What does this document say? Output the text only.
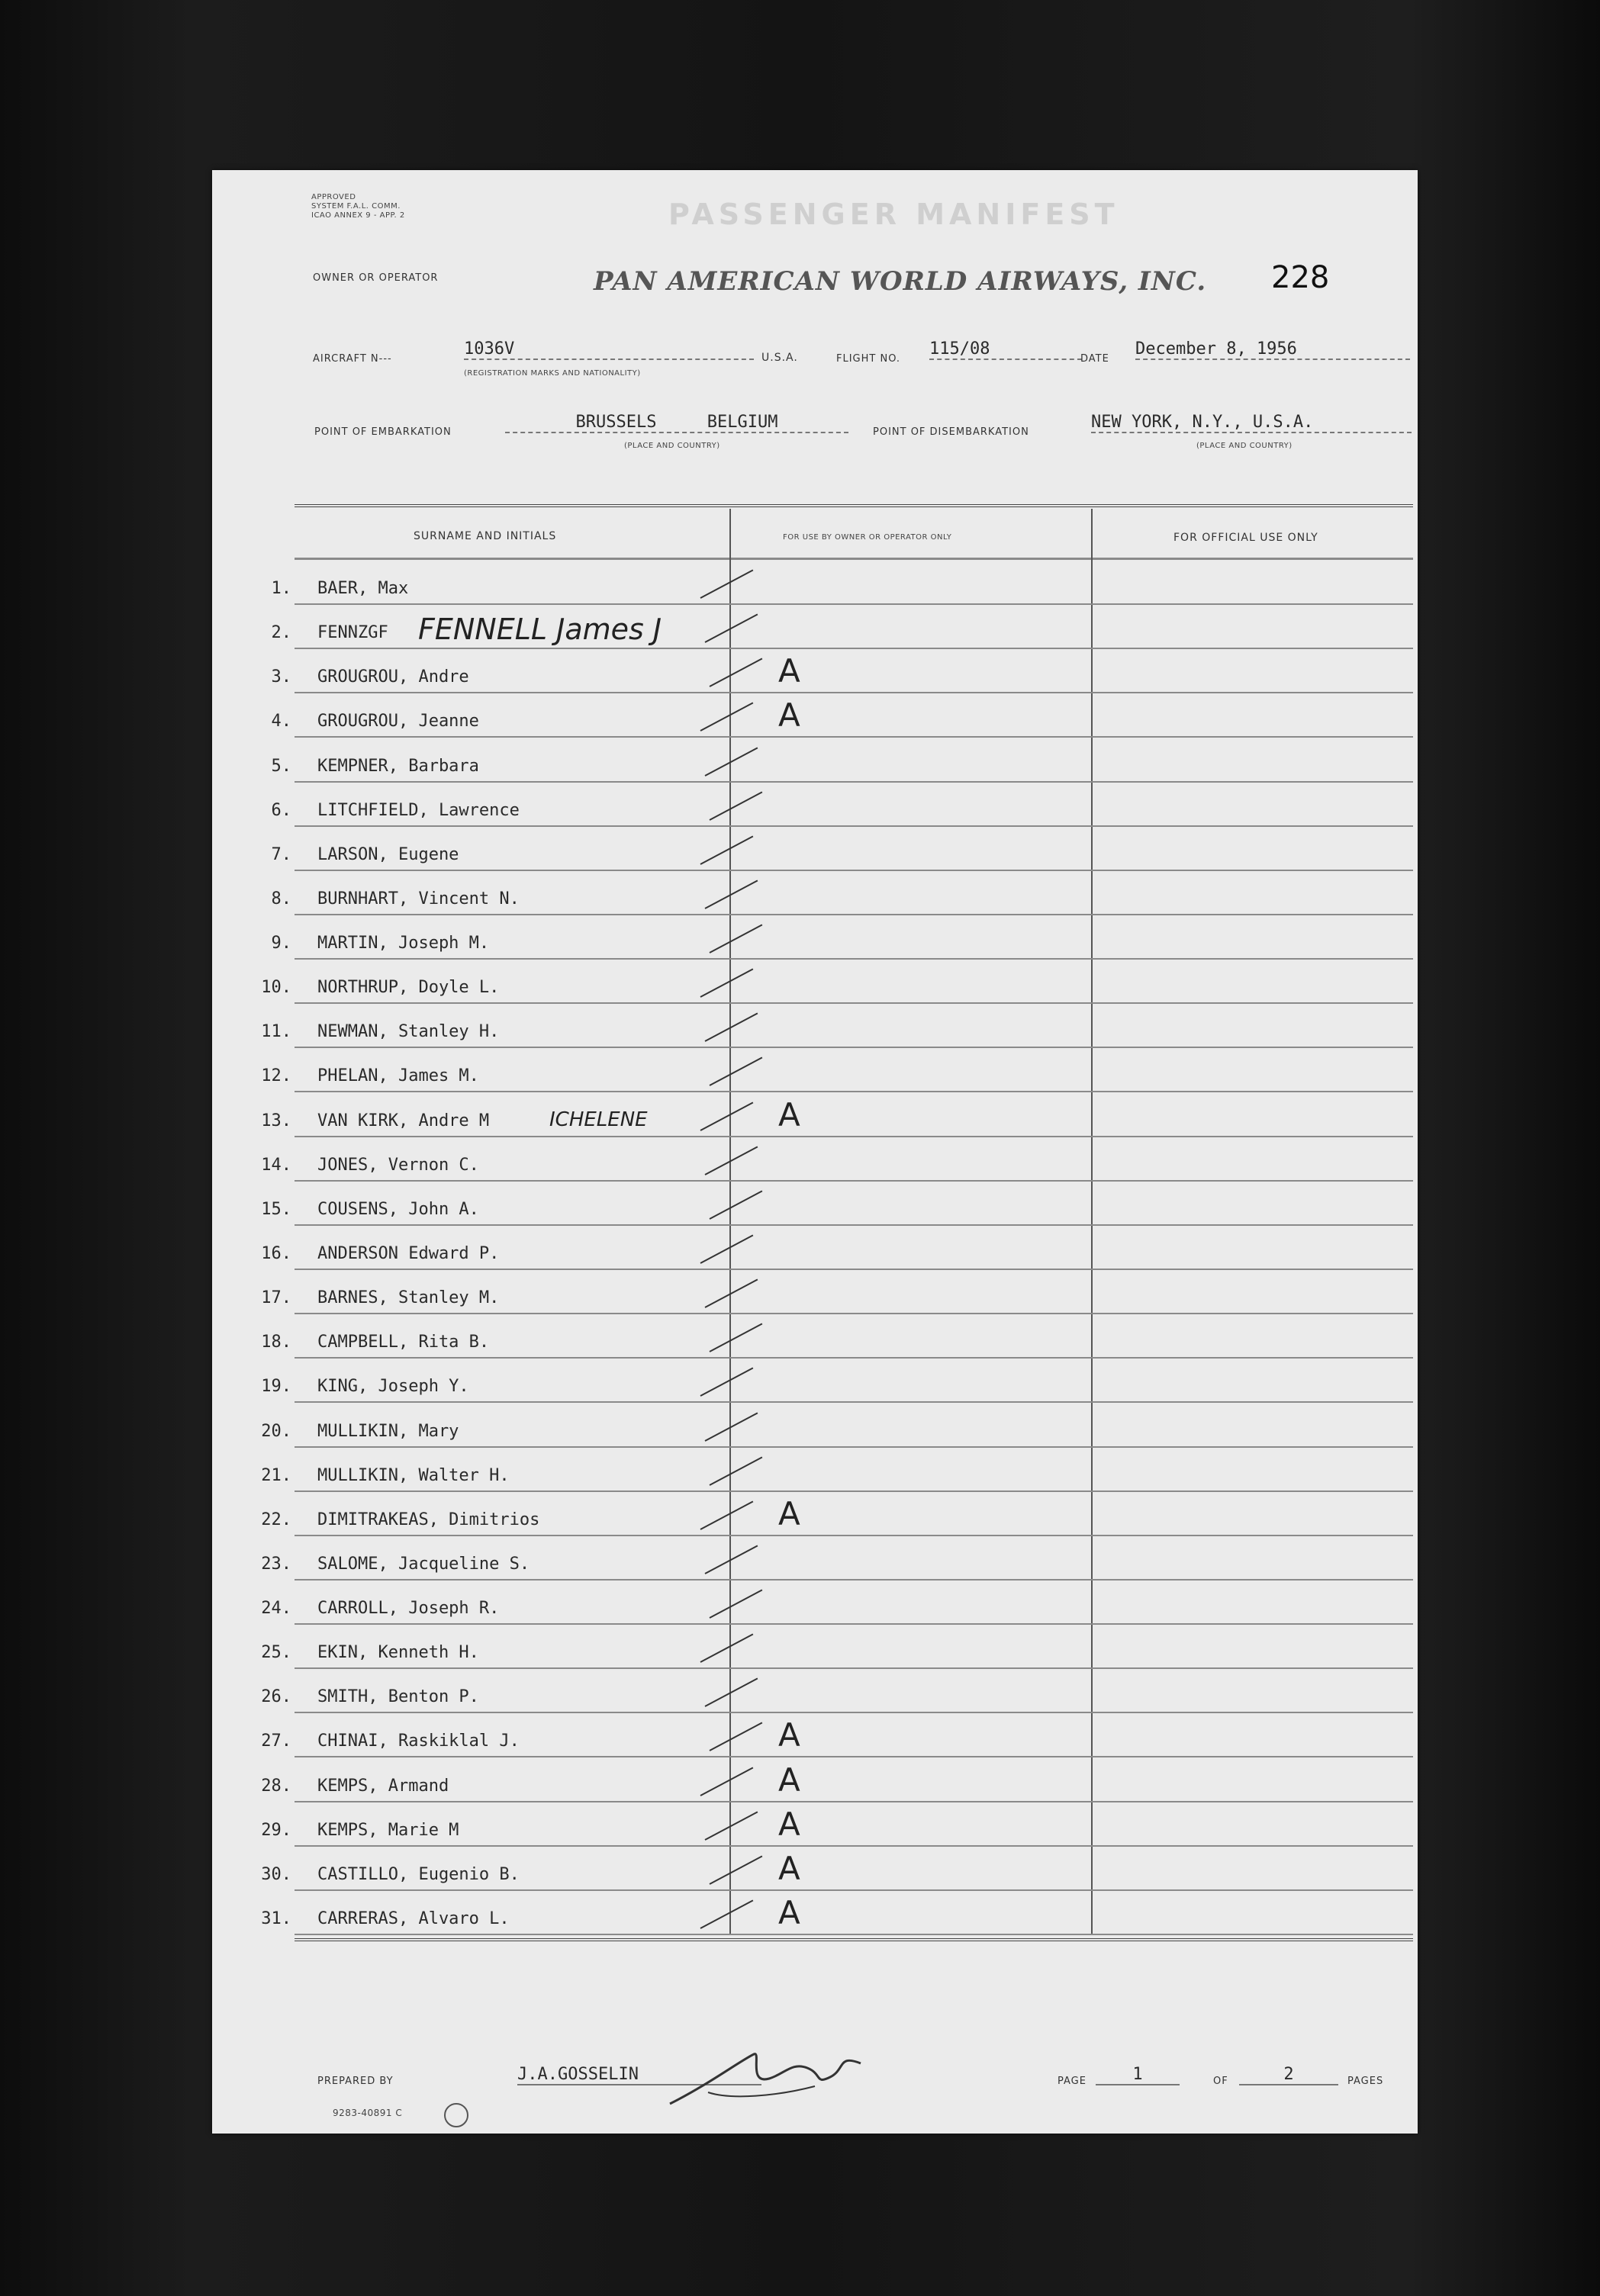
APPROVED
SYSTEM F.A.L. COMM.
ICAO ANNEX 9 - APP. 2	PASSENGER MANIFEST
228
OWNER OR OPERATOR	PAN AMERICAN WORLD AIRWAYS, INC.
AIRCRAFT N---
1036V
(REGISTRATION MARKS AND NATIONALITY)
U.S.A.	FLIGHT NO.
115/08
DATE
December 8, 1956
POINT OF EMBARKATION
BRUSSELS     BELGIUM
(PLACE AND COUNTRY)
POINT OF DISEMBARKATION
NEW YORK, N.Y., U.S.A.
(PLACE AND COUNTRY)
SURNAME AND INITIALS	FOR USE BY OWNER OR OPERATOR ONLY	FOR OFFICIAL USE ONLY
1. BAER, Max
2. FENNZGF FENNELL James J
3. GROUGROU, Andre	A
4. GROUGROU, Jeanne	A
5. KEMPNER, Barbara
6. LITCHFIELD, Lawrence
7. LARSON, Eugene
8. BURNHART, Vincent N.
9. MARTIN, Joseph M.
10. NORTHRUP, Doyle L.
11. NEWMAN, Stanley H.
12. PHELAN, James M.
13. VAN KIRK, Andre M	ICHELENE	A
14. JONES, Vernon C.
15. COUSENS, John A.
16. ANDERSON Edward P.
17. BARNES, Stanley M.
18. CAMPBELL, Rita B.
19. KING, Joseph Y.
20. MULLIKIN, Mary
21. MULLIKIN, Walter H.
22. DIMITRAKEAS, Dimitrios	A
23. SALOME, Jacqueline S.
24. CARROLL, Joseph R.
25. EKIN, Kenneth H.
26. SMITH, Benton P.
27. CHINAI, Raskiklal J.	A
28. KEMPS, Armand	A
29. KEMPS, Marie M	A
30. CASTILLO, Eugenio B.	A
31. CARRERAS, Alvaro L.	A
PREPARED BY	J.A.GOSSELIN	PAGE	1	OF	2	PAGES
9283-40891 C
